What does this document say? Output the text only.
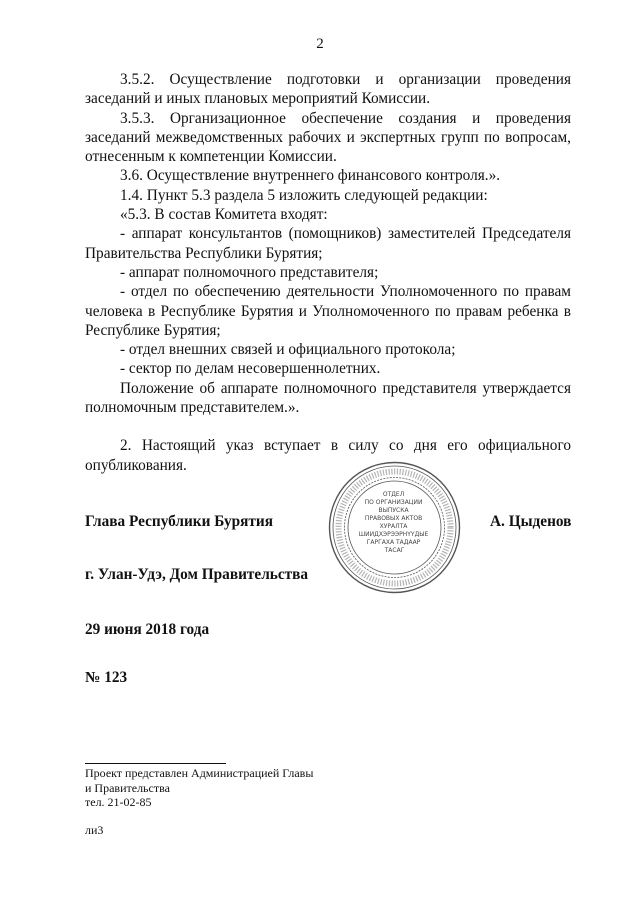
2

3.5.2. Осуществление подготовки и организации проведения заседаний и иных плановых мероприятий Комиссии.

3.5.3. Организационное обеспечение создания и проведения заседаний межведомственных рабочих и экспертных групп по вопросам, отнесенным к компетенции Комиссии.

3.6. Осуществление внутреннего финансового контроля.».

1.4. Пункт 5.3 раздела 5 изложить следующей редакции:

«5.3. В состав Комитета входят:

- аппарат консультантов (помощников) заместителей Председателя Правительства Республики Бурятия;

- аппарат полномочного представителя;

- отдел по обеспечению деятельности Уполномоченного по правам человека в Республике Бурятия и Уполномоченного по правам ребенка в Республике Бурятия;

- отдел внешних связей и официального протокола;

- сектор по делам несовершеннолетних.

Положение об аппарате полномочного представителя утверждается полномочным представителем.».

2. Настоящий указ вступает в силу со дня его официального опубликования.

ОТДЕЛ ПО ОРГАНИЗАЦИИ ВЫПУСКА ПРАВОВЫХ АКТОВ ХУРАЛТА ШИИДХЭРЭЭРНҮҮДЫЕ ГАРГАХА ТАДААР ТАСАГ
Глава Республики Бурятия	А. Цыденов
г. Улан-Удэ, Дом Правительства
29 июня 2018 года
№ 123

Проект представлен Администрацией Главы

и Правительства

тел. 21-02-85

ли3
